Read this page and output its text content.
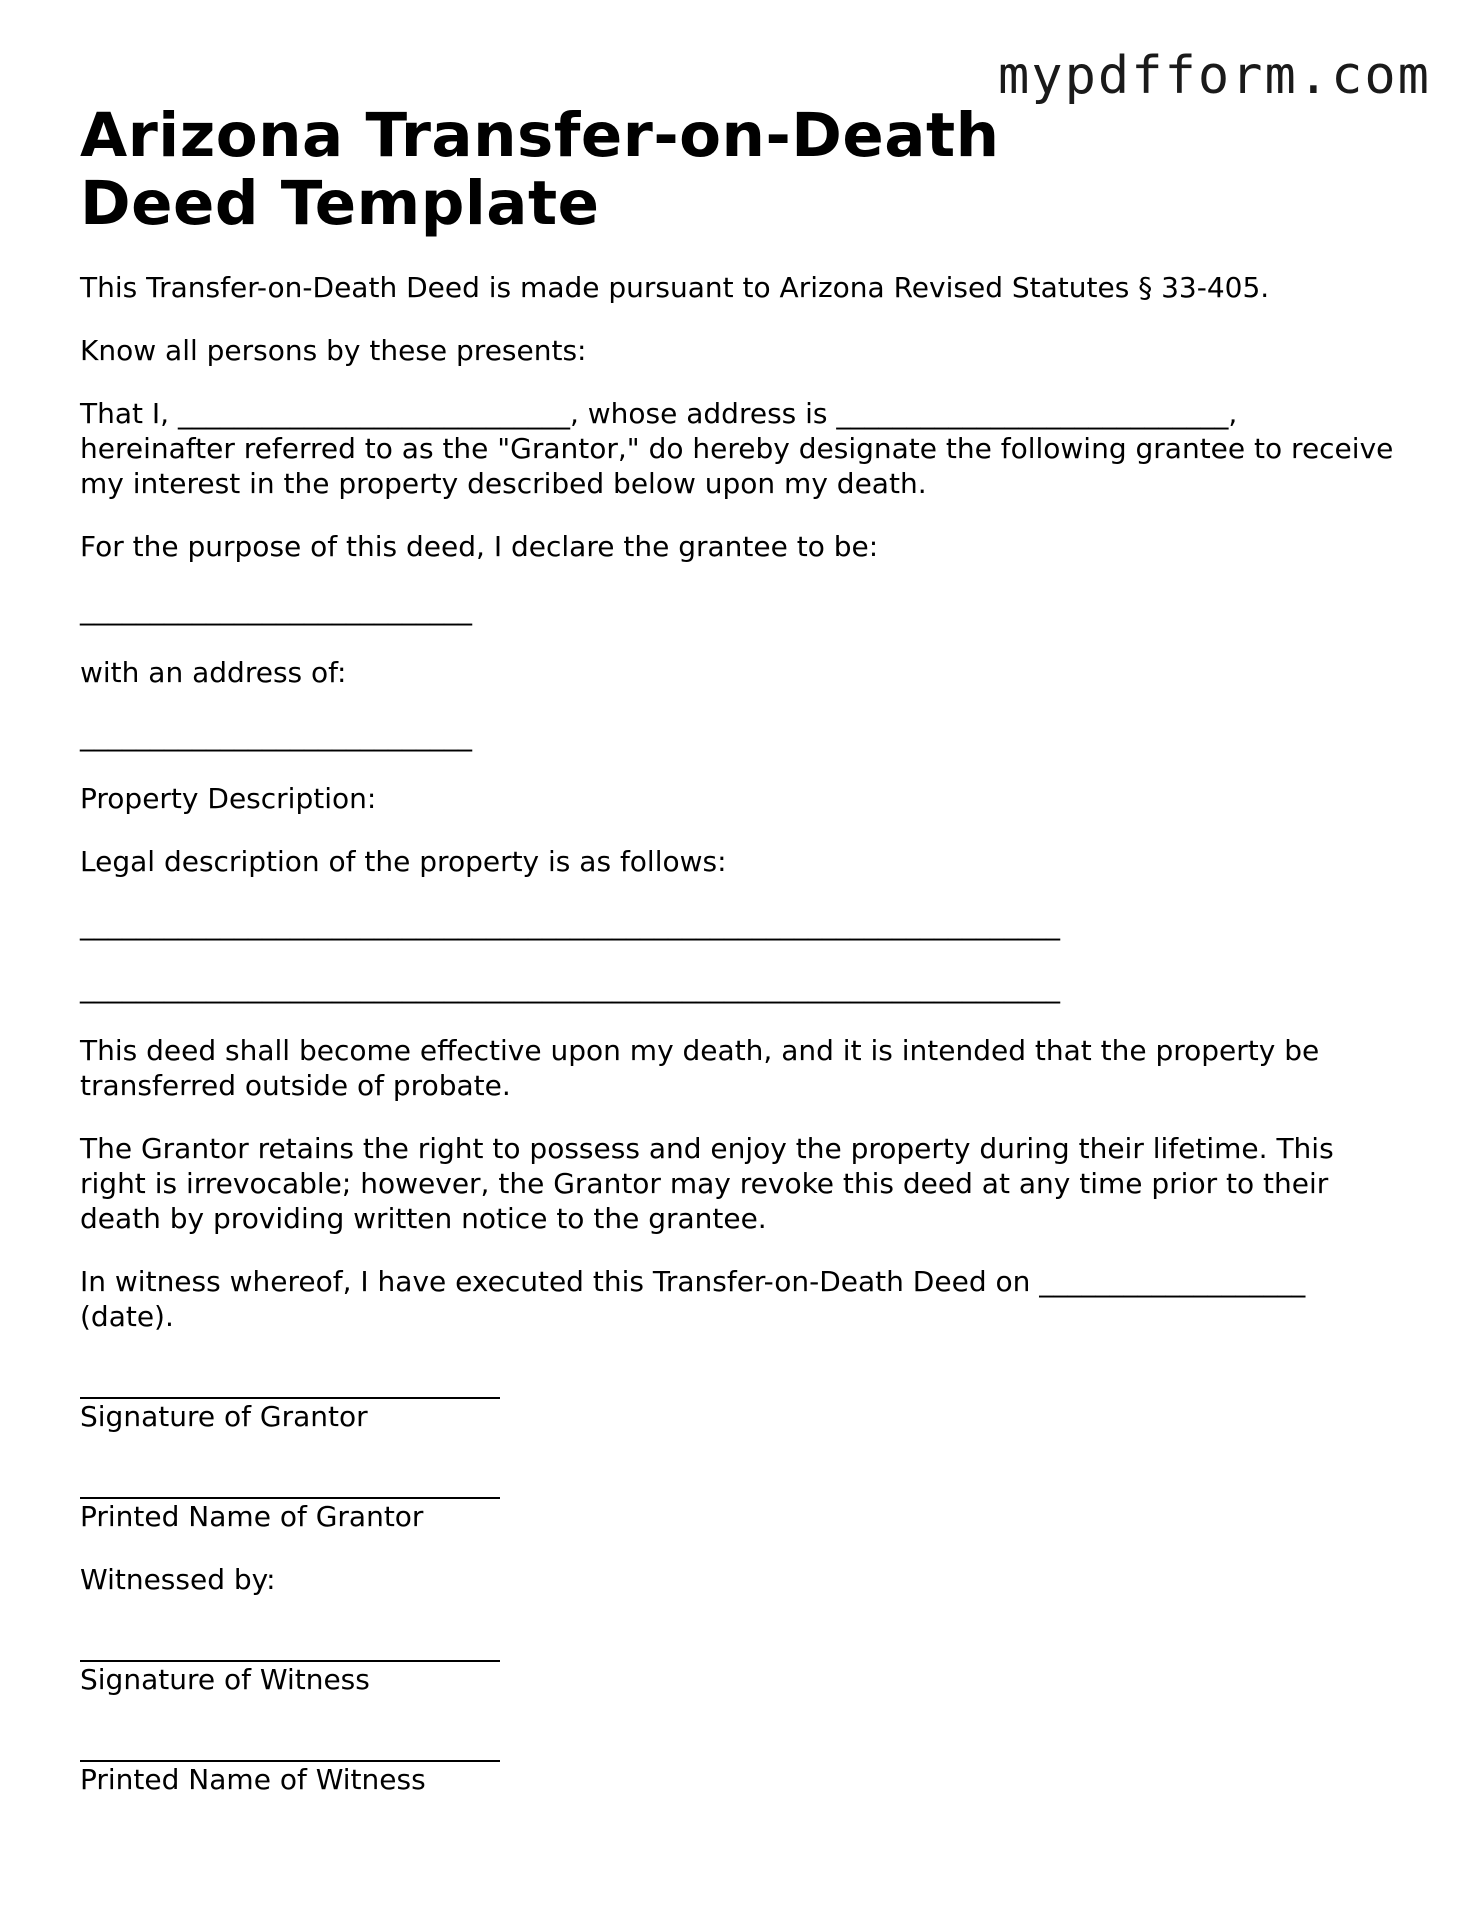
mypdfform.com
Arizona Transfer-on-Death Deed Template

This Transfer-on-Death Deed is made pursuant to Arizona Revised Statutes § 33-405.

Know all persons by these presents:

That I, ____________________________, whose address is ____________________________, hereinafter referred to as the "Grantor," do hereby designate the following grantee to receive my interest in the property described below upon my death.

For the purpose of this deed, I declare the grantee to be:

____________________________

with an address of:

____________________________

Property Description:

Legal description of the property is as follows:

______________________________________________________________________

______________________________________________________________________

This deed shall become effective upon my death, and it is intended that the property be transferred outside of probate.

The Grantor retains the right to possess and enjoy the property during their lifetime. This right is irrevocable; however, the Grantor may revoke this deed at any time prior to their death by providing written notice to the grantee.

In witness whereof, I have executed this Transfer-on-Death Deed on ___________________ (date).

Signature of Grantor

Printed Name of Grantor

Witnessed by:

Signature of Witness

Printed Name of Witness
